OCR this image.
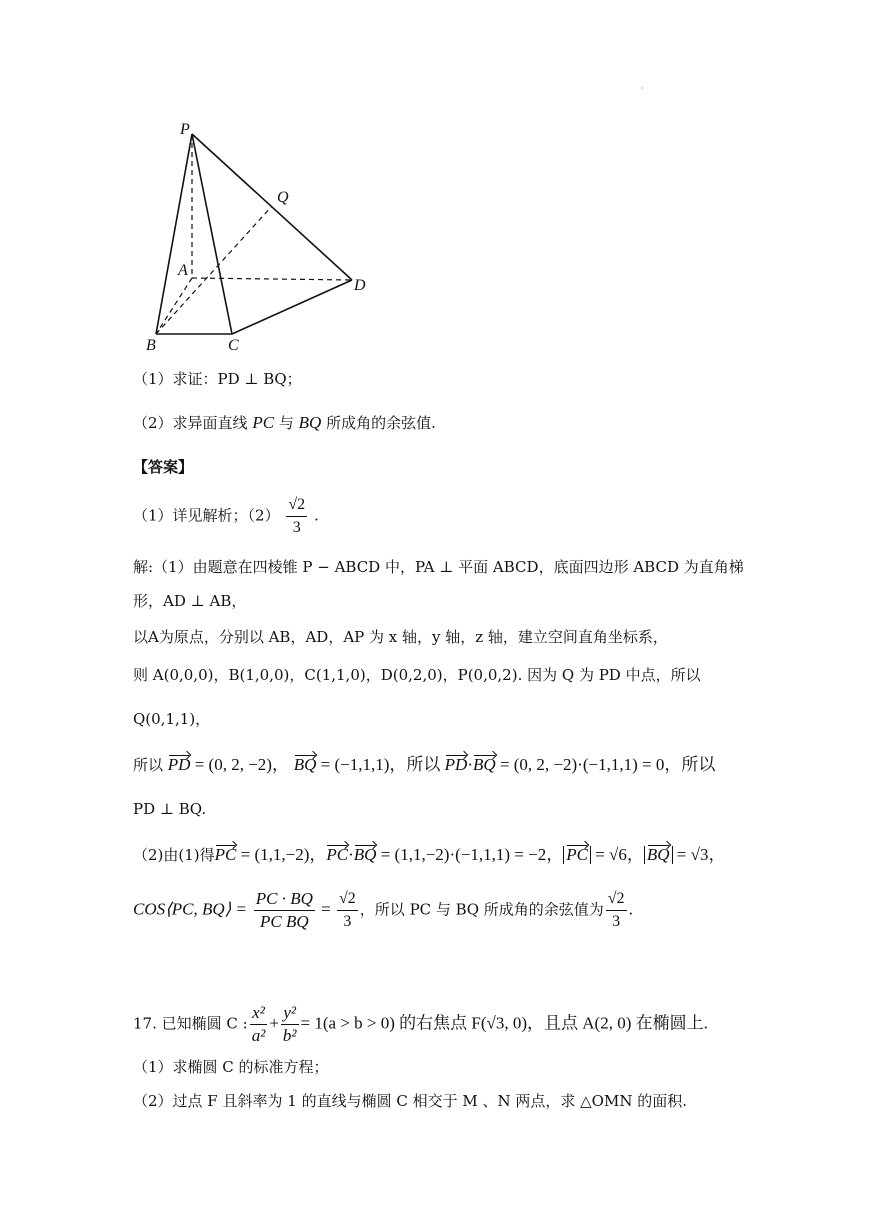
·
P
Q
A
D
B	C
（1）求证：PD ⊥ BQ；
（2）求异面直线 PC 与 BQ 所成角的余弦值.
【答案】
（1）详见解析；$(2) \frac{√2}{3}$ .
解:（1）由题意在四棱锥 P − ABCD 中，PA ⊥ 平面 ABCD，底面四边形 ABCD 为直角梯
形，AD ⊥ AB，
以A为原点，分别以 AB，AD，AP 为 x 轴，y 轴，z 轴，建立空间直角坐标系，
则 A(0,0,0)，B(1,0,0)，C(1,1,0)，D(0,2,0)，P(0,0,2). 因为 Q 为 PD 中点，所以
Q(0,1,1)，
所以 PD = (0, 2, −2)， BQ = (−1,1,1)，所以 PD·BQ = (0, 2, −2)·(−1,1,1) = 0，所以
PD ⊥ BQ.
（2)由(1)得PC = (1,1,−2)，PC·BQ = (1,1,−2)·(−1,1,1) = −2， PC = √6， BQ = √3，
COS⟨PC, BQ⟩ = $\frac{PC \cdot BQ}{\text{PC BQ}} = \frac{√2}{3}$ ，所以 PC 与 BQ 所成角的余弦值为 $\frac{√2}{3}$ .
17. 已知椭圆 C : $\frac{\text{x²}}{\text{a²}} + \frac{\text{y²}}{\text{b²}} = 1(a > b > 0)$ 的右焦点 F(√3, 0)，且点 A(2, 0) 在椭圆上.
（1）求椭圆 C 的标准方程；
（2）过点 F 且斜率为 1 的直线与椭圆 C 相交于 M 、N 两点，求 △OMN 的面积.
